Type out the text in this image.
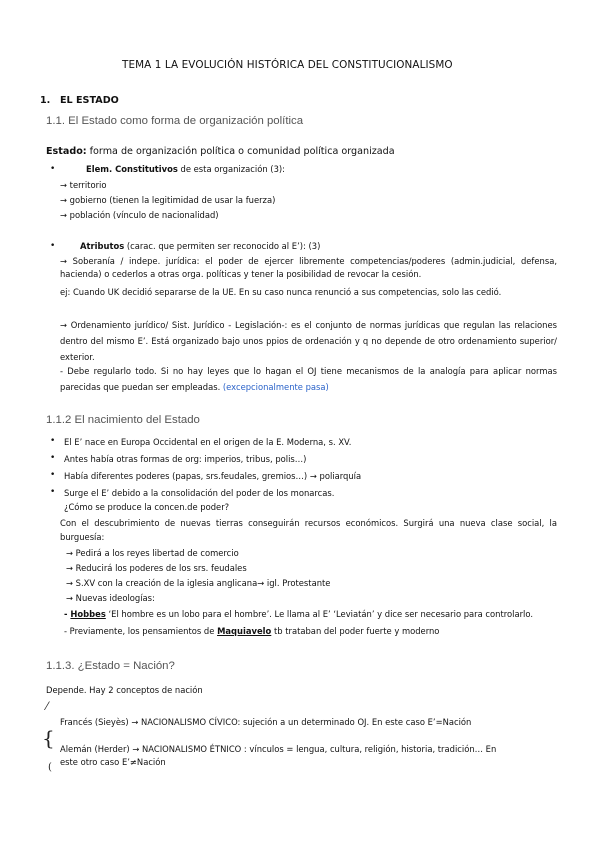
TEMA 1 LA EVOLUCIÓN HISTÓRICA DEL CONSTITUCIONALISMO
1. EL ESTADO
1.1. El Estado como forma de organización política
Estado: forma de organización política o comunidad política organizada
•	Elem. Constitutivos de esta organización (3):
→ territorio
→ gobierno (tienen la legitimidad de usar la fuerza)
→ población (vínculo de nacionalidad)
•	Atributos (carac. que permiten ser reconocido al E’): (3)
→ Soberanía / indepe. jurídica: el poder de ejercer libremente competencias/poderes (admin.judicial, defensa, hacienda) o cederlos a otras orga. políticas y tener la posibilidad de revocar la cesión.
ej: Cuando UK decidió separarse de la UE. En su caso nunca renunció a sus competencias, solo las cedió.
→ Ordenamiento jurídico/ Sist. Jurídico - Legislación-: es el conjunto de normas jurídicas que regulan las relaciones dentro del mismo E’. Está organizado bajo unos ppios de ordenación y q no depende de otro ordenamiento superior/ exterior.
- Debe regularlo todo. Si no hay leyes que lo hagan el OJ tiene mecanismos de la analogía para aplicar normas parecidas que puedan ser empleadas. (excepcionalmente pasa)
1.1.2 El nacimiento del Estado
• El E’ nace en Europa Occidental en el origen de la E. Moderna, s. XV.
• Antes había otras formas de org: imperios, tribus, polis…)
• Había diferentes poderes (papas, srs.feudales, gremios…) → poliarquía
• Surge el E’ debido a la consolidación del poder de los monarcas.
¿Cómo se produce la concen.de poder?
Con el descubrimiento de nuevas tierras conseguirán recursos económicos. Surgirá una nueva clase social, la burguesía:
→ Pedirá a los reyes libertad de comercio
→ Reducirá los poderes de los srs. feudales
→ S.XV con la creación de la iglesia anglicana→ igl. Protestante
→ Nuevas ideologías:
- Hobbes ‘El hombre es un lobo para el hombre’. Le llama al E’ ‘Leviatán’ y dice ser necesario para controlarlo.
- Previamente, los pensamientos de Maquiavelo tb trataban del poder fuerte y moderno
1.1.3. ¿Estado = Nación?
Depende. Hay 2 conceptos de nación
⁄
{
(
Francés (Sieyès) → NACIONALISMO CÍVICO: sujeción a un determinado OJ. En este caso E’=Nación
Alemán (Herder) → NACIONALISMO ÉTNICO : vínculos = lengua, cultura, religión, historia, tradición… En
este otro caso E’≠Nación
